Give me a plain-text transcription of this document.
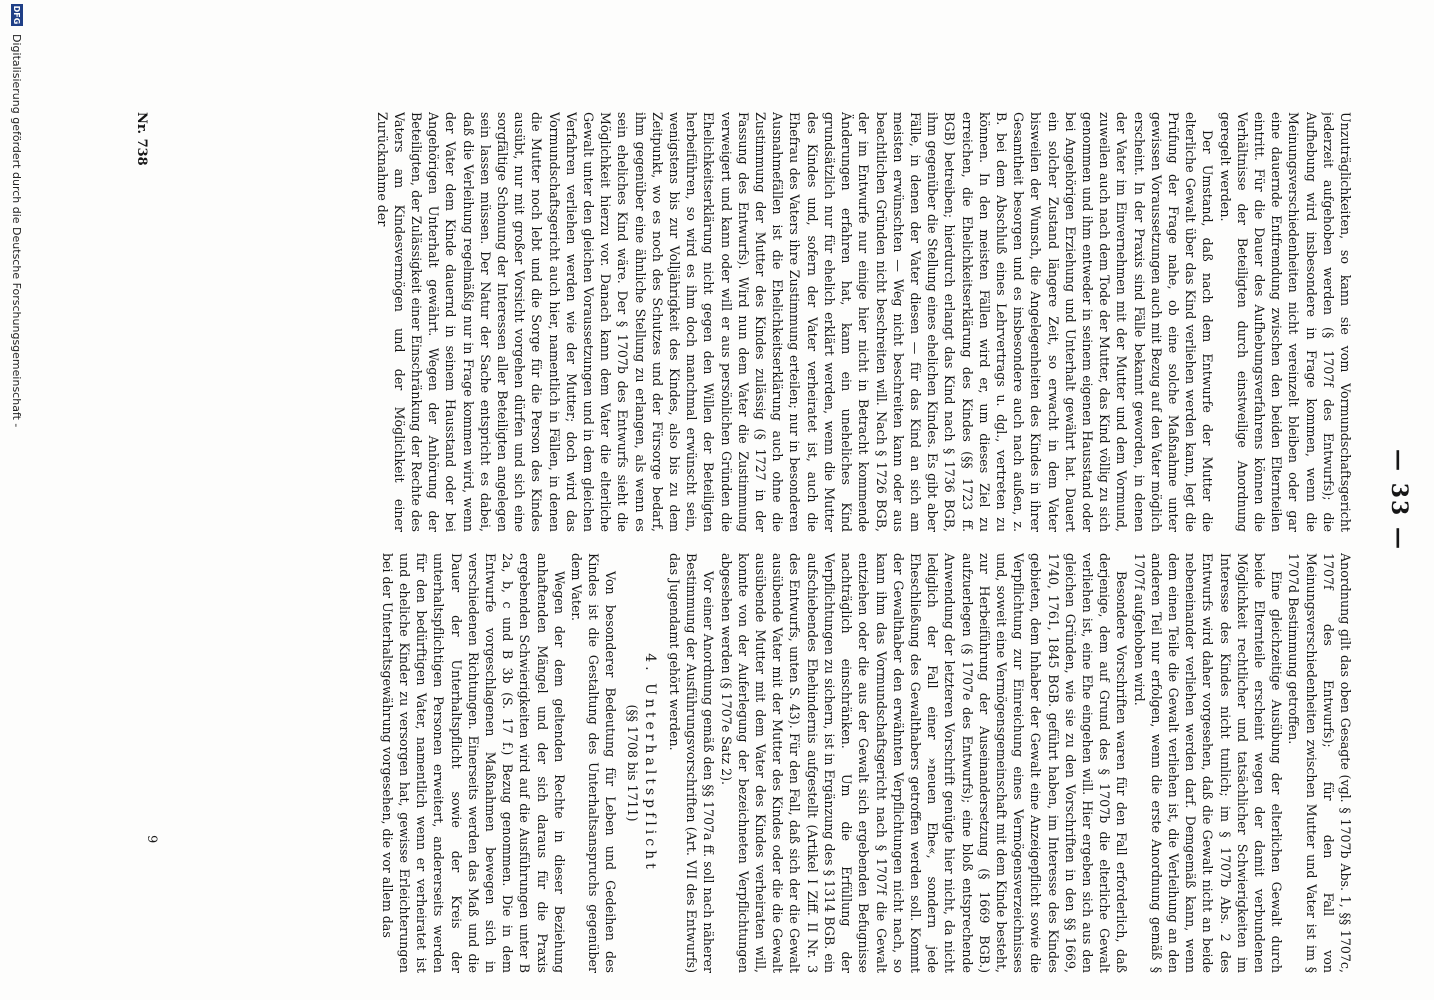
— 33 —

Unzuträglichkeiten, so kann sie vom Vormundschaftsgericht jederzeit aufgehoben werden (§ 1707f des Entwurfs); die Aufhebung wird insbesondere in Frage kommen, wenn die Meinungsverschiedenheiten nicht vereinzelt bleiben oder gar eine dauernde Entfremdung zwischen den beiden Elternteilen eintritt. Für die Dauer des Aufhebungsverfahrens können die Verhältnisse der Beteiligten durch einstweilige Anordnung geregelt werden.

Der Umstand, daß nach dem Entwurfe der Mutter die elterliche Gewalt über das Kind verliehen werden kann, legt die Prüfung der Frage nahe, ob eine solche Maßnahme unter gewissen Voraussetzungen auch mit Bezug auf den Vater möglich erscheint. In der Praxis sind Fälle bekannt geworden, in denen der Vater im Einvernehmen mit der Mutter und dem Vormund, zuweilen auch nach dem Tode der Mutter, das Kind völlig zu sich genommen und ihm entweder in seinem eigenen Hausstand oder bei Angehörigen Erziehung und Unterhalt gewährt hat. Dauert ein solcher Zustand längere Zeit, so erwacht in dem Vater bisweilen der Wunsch, die Angelegenheiten des Kindes in ihrer Gesamtheit besorgen und es insbesondere auch nach außen, z. B. bei dem Abschluß eines Lehrvertrags u. dgl., vertreten zu können. In den meisten Fällen wird er, um dieses Ziel zu erreichen, die Ehelichkeitserklärung des Kindes (§§ 1723 ff. BGB) betreiben; hierdurch erlangt das Kind nach § 1736 BGB, ihm gegenüber die Stellung eines ehelichen Kindes. Es gibt aber Fälle, in denen der Vater diesen — für das Kind an sich am meisten erwünschten — Weg nicht beschreiten kann oder aus beachtlichen Gründen nicht beschreiten will. Nach § 1726 BGB, der im Entwurfe nur einige hier nicht in Betracht kommende Änderungen erfahren hat, kann ein uneheliches Kind grundsätzlich nur für ehelich erklärt werden, wenn die Mutter des Kindes und, sofern der Vater verheiratet ist, auch die Ehefrau des Vaters ihre Zustimmung erteilen; nur in besonderen Ausnahmefällen ist die Ehelichkeitserklärung auch ohne die Zustimmung der Mutter des Kindes zulässig (§ 1727 in der Fassung des Entwurfs). Wird nun dem Vater die Zustimmung verweigert und kann oder will er aus persönlichen Gründen die Ehelichkeitserklärung nicht gegen den Willen der Beteiligten herbeiführen, so wird es ihm doch manchmal erwünscht sein, wenigstens bis zur Volljährigkeit des Kindes, also bis zu dem Zeitpunkt, wo es noch des Schutzes und der Fürsorge bedarf, ihm gegenüber eine ähnliche Stellung zu erlangen, als wenn es sein eheliches Kind wäre. Der § 1707b des Entwurfs sieht die Möglichkeit hierzu vor. Danach kann dem Vater die elterliche Gewalt unter den gleichen Voraussetzungen und in dem gleichen Verfahren verliehen werden wie der Mutter; doch wird das Vormundschaftsgericht auch hier, namentlich in Fällen, in denen die Mutter noch lebt und die Sorge für die Person des Kindes ausübt, nur mit großer Vorsicht vorgehen dürfen und sich eine sorgfältige Schonung der Interessen aller Beteiligten angelegen sein lassen müssen. Der Natur der Sache entspricht es dabei, daß die Verleihung regelmäßig nur in Frage kommen wird, wenn der Vater dem Kinde dauernd in seinem Hausstand oder bei Angehörigen Unterhalt gewährt. Wegen der Anhörung der Beteiligten, der Zulässigkeit einer Einschränkung der Rechte des Vaters am Kindesvermögen und der Möglichkeit einer Zurücknahme der

Anordnung gilt das oben Gesagte (vgl. § 1707b Abs. 1, §§ 1707c, 1707f des Entwurfs); für den Fall von Meinungsverschiedenheiten zwischen Mutter und Vater ist im § 1707d Bestimmung getroffen.

Eine gleichzeitige Ausübung der elterlichen Gewalt durch beide Elternteile erscheint wegen der damit verbundenen Möglichkeit rechtlicher und tatsächlicher Schwierigkeiten im Interesse des Kindes nicht tunlich; im § 1707b Abs. 2 des Entwurfs wird daher vorgesehen, daß die Gewalt nicht an beide nebeneinander verliehen werden darf. Demgemäß kann, wenn dem einen Teile die Gewalt verliehen ist, die Verleihung an den anderen Teil nur erfolgen, wenn die erste Anordnung gemäß § 1707f aufgehoben wird.

Besondere Vorschriften waren für den Fall erforderlich, daß derjenige, dem auf Grund des § 1707b die elterliche Gewalt verliehen ist, eine Ehe eingehen will. Hier ergeben sich aus den gleichen Gründen, wie sie zu den Vorschriften in den §§ 1669, 1740, 1761, 1845 BGB. geführt haben, im Interesse des Kindes gebieten, dem Inhaber der Gewalt eine Anzeigepflicht sowie die Verpflichtung zur Einreichung eines Vermögensverzeichnisses und, soweit eine Vermögensgemeinschaft mit dem Kinde besteht, zur Herbeiführung der Auseinandersetzung (§ 1669 BGB.) aufzuerlegen (§ 1707e des Entwurfs); eine bloß entsprechende Anwendung der letzteren Vorschrift genügte hier nicht, da nicht lediglich der Fall einer »neuen Ehe«, sondern jede Eheschließung des Gewalthabers getroffen werden soll. Kommt der Gewalthaber den erwähnten Verpflichtungen nicht nach, so kann ihm das Vormundschaftsgericht nach § 1707f die Gewalt entziehen oder die aus der Gewalt sich ergebenden Befugnisse nachträglich einschränken. Um die Erfüllung der Verpflichtungen zu sichern, ist in Ergänzung des § 1314 BGB. ein aufschiebendes Ehehindernis aufgestellt (Artikel I Ziff. II Nr. 3 des Entwurfs, unten S. 43). Für den Fall, daß sich der die Gewalt ausübende Vater mit der Mutter des Kindes oder die die Gewalt ausübende Mutter mit dem Vater des Kindes verheiraten will, konnte von der Auferlegung der bezeichneten Verpflichtungen abgesehen werden (§ 1707e Satz 2).

Vor einer Anordnung gemäß den §§ 1707a ff. soll nach näherer Bestimmung der Ausführungsvorschriften (Art. VII des Entwurfs) das Jugendamt gehört werden.

4. Unterhaltspflicht
(§§ 1708 bis 1711)

Von besonderer Bedeutung für Leben und Gedeihen des Kindes ist die Gestaltung des Unterhaltsanspruchs gegenüber dem Vater.

Wegen der dem geltenden Rechte in dieser Beziehung anhaftenden Mängel und der sich daraus für die Praxis ergebenden Schwierigkeiten wird auf die Ausführungen unter B 2a, b, c und B 3b (S. 17 f.) Bezug genommen. Die in dem Entwurfe vorgeschlagenen Maßnahmen bewegen sich in verschiedenen Richtungen. Einerseits werden das Maß und die Dauer der Unterhaltspflicht sowie der Kreis der unterhaltspflichtigen Personen erweitert, andererseits werden für den bedürftigen Vater, namentlich wenn er verheiratet ist und eheliche Kinder zu versorgen hat, gewisse Erleichterungen bei der Unterhaltsgewährung vorgesehen, die vor allem das

Nr. 738
9
DFG
Digitalisierung gefördert durch die Deutsche Forschungsgemeinschaft -
